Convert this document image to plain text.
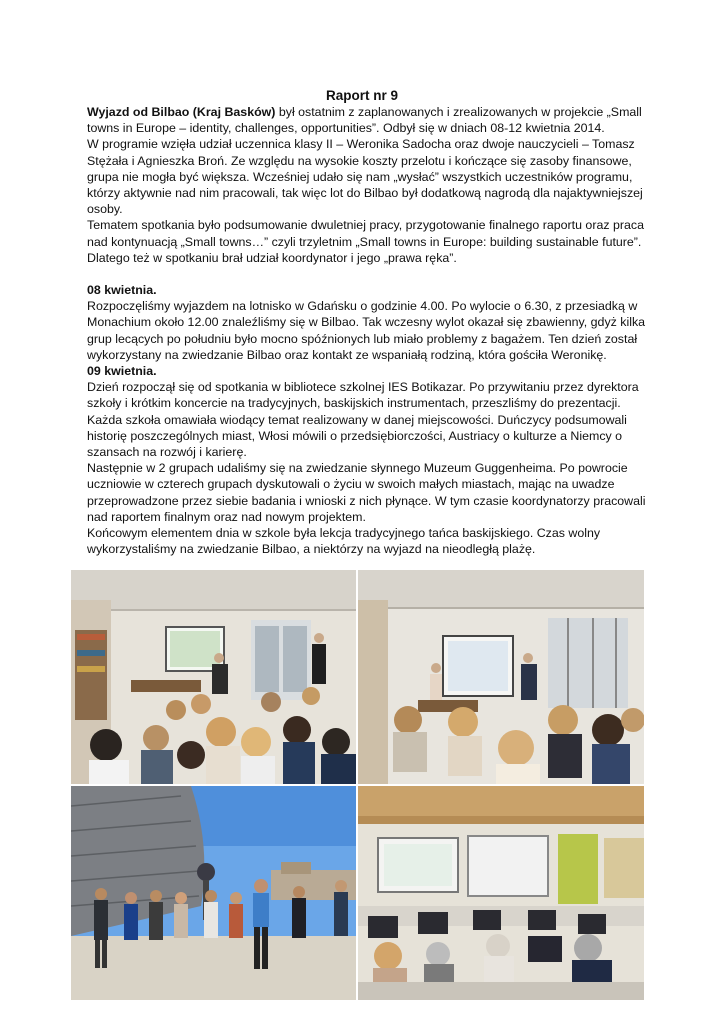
Raport nr 9

Wyjazd od Bilbao (Kraj Basków) był ostatnim z zaplanowanych i zrealizowanych w projekcie „Small towns in Europe – identity, challenges, opportunities”. Odbył się w dniach 08-12 kwietnia 2014.

W programie wzięła udział uczennica klasy II – Weronika Sadocha oraz dwoje nauczycieli – Tomasz Stężała i Agnieszka Broń. Ze względu na wysokie koszty przelotu i kończące się zasoby finansowe, grupa nie mogła być większa. Wcześniej udało się nam „wysłać” wszystkich uczestników programu, którzy aktywnie nad nim pracowali, tak więc lot do Bilbao był dodatkową nagrodą dla najaktywniejszej osoby.

Tematem spotkania było podsumowanie dwuletniej pracy, przygotowanie finalnego raportu oraz praca nad kontynuacją „Small towns…” czyli trzyletnim „Small towns in Europe: building sustainable future”. Dlatego też w spotkaniu brał udział koordynator i jego „prawa ręka”.

08 kwietnia.

Rozpoczęliśmy wyjazdem na lotnisko w Gdańsku o godzinie 4.00. Po wylocie o 6.30, z przesiadką w Monachium około 12.00 znaleźliśmy się w Bilbao. Tak wczesny wylot okazał się zbawienny, gdyż kilka grup lecących po południu było mocno spóźnionych lub miało problemy z bagażem. Ten dzień został wykorzystany na zwiedzanie Bilbao oraz kontakt ze wspaniałą rodziną, która gościła Weronikę.

09 kwietnia.

Dzień rozpoczął się od spotkania w bibliotece szkolnej IES Botikazar. Po przywitaniu przez dyrektora szkoły i krótkim koncercie na tradycyjnych, baskijskich instrumentach, przeszliśmy do prezentacji. Każda szkoła omawiała wiodący temat realizowany w danej miejscowości. Duńczycy podsumowali historię poszczególnych miast, Włosi mówili o przedsiębiorczości, Austriacy o kulturze a Niemcy o szansach na rozwój i karierę.

Następnie w 2 grupach udaliśmy się na zwiedzanie słynnego Muzeum Guggenheima. Po powrocie uczniowie w czterech grupach dyskutowali o życiu w swoich małych miastach, mając na uwadze przeprowadzone przez siebie badania i wnioski z nich płynące. W tym czasie koordynatorzy pracowali nad raportem finalnym oraz nad nowym projektem.

Końcowym elementem dnia w szkole była lekcja tradycyjnego tańca baskijskiego. Czas wolny wykorzystaliśmy na zwiedzanie Bilbao, a niektórzy na wyjazd na nieodległą plażę.
